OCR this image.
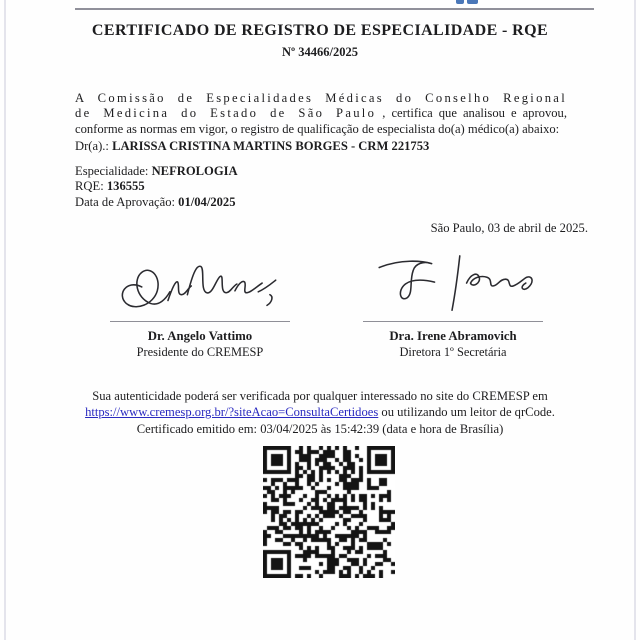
CERTIFICADO DE REGISTRO DE ESPECIALIDADE - RQE
Nº 34466/2025

A Comissão de Especialidades Médicas do Conselho Regional de Medicina do Estado de São Paulo , certifica que analisou e aprovou, conforme as normas em vigor, o registro de qualificação de especialista do(a) médico(a) abaixo:

Dr(a).: LARISSA CRISTINA MARTINS BORGES - CRM 221753
Especialidade: NEFROLOGIA
RQE: 136555
Data de Aprovação: 01/04/2025
São Paulo, 03 de abril de 2025.
Dr. Angelo Vattimo
Presidente do CREMESP
Dra. Irene Abramovich
Diretora 1º Secretária
Sua autenticidade poderá ser verificada por qualquer interessado no site do CREMESP em
https://www.cremesp.org.br/?siteAcao=ConsultaCertidoes ou utilizando um leitor de qrCode.
Certificado emitido em: 03/04/2025 às 15:42:39 (data e hora de Brasília)
